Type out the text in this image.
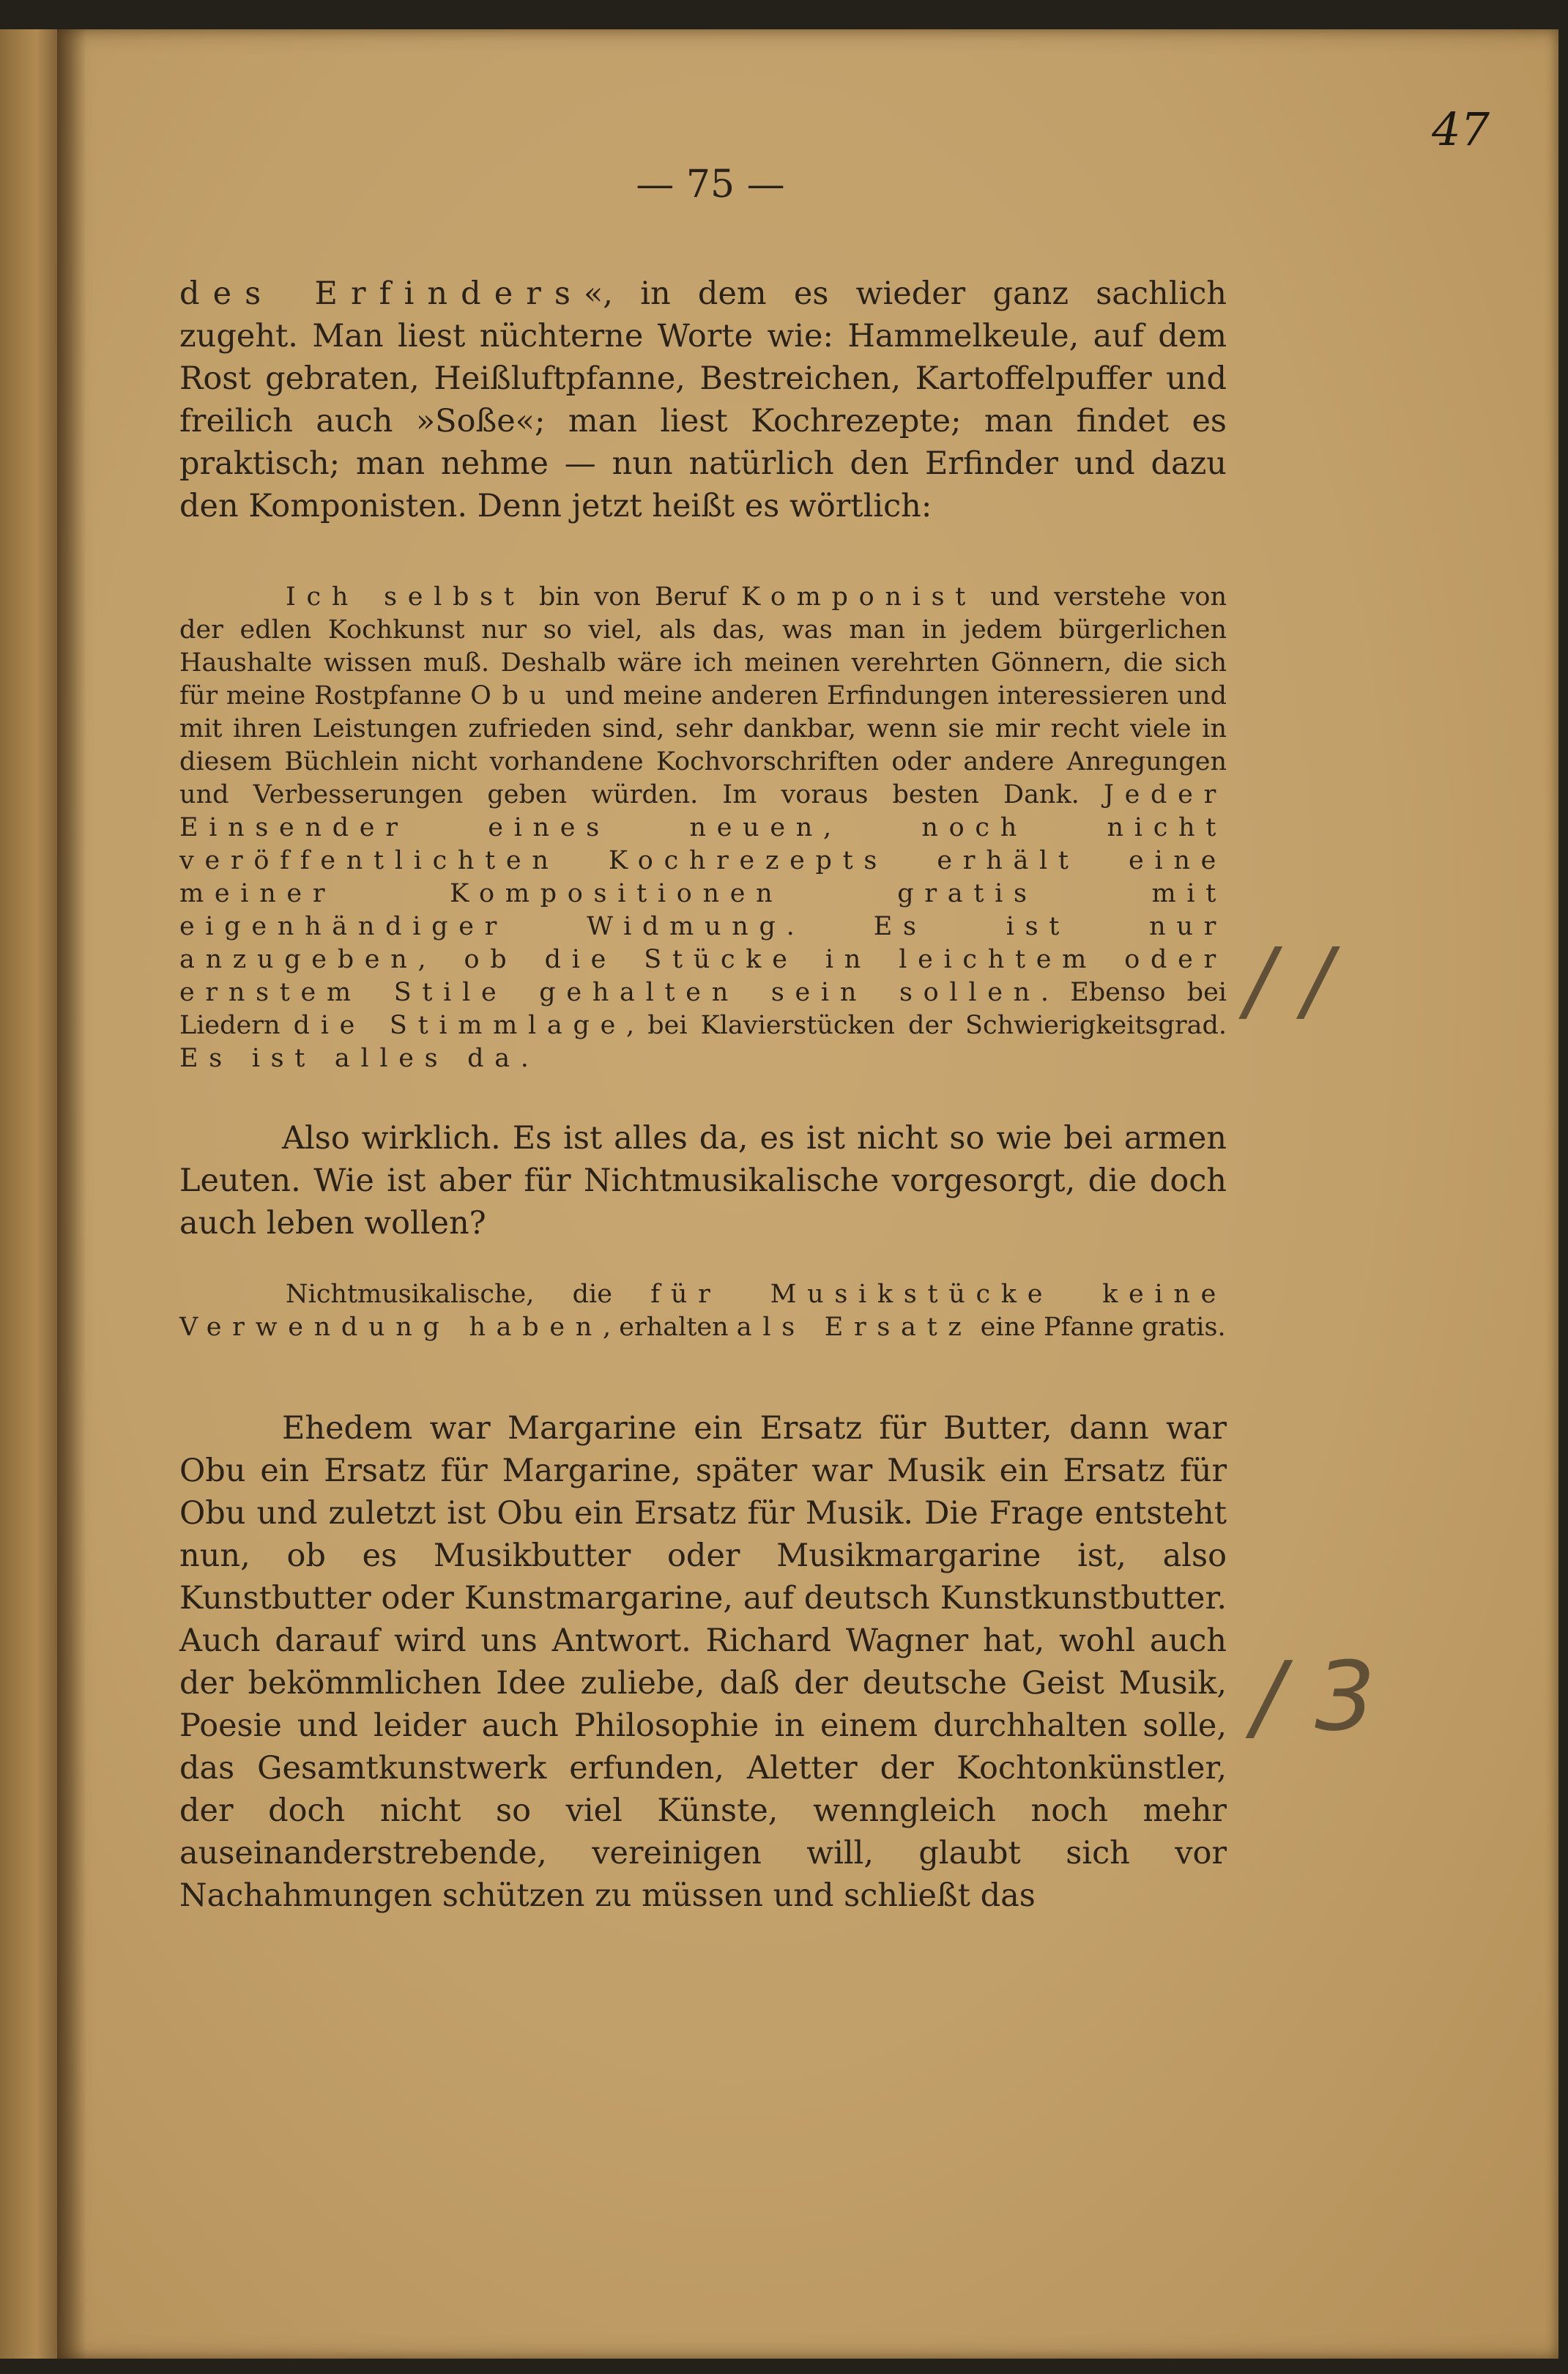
— 75 —
47

des Erfinders«, in dem es wieder ganz sachlich zugeht. Man liest nüchterne Worte wie: Hammelkeule, auf dem Rost gebraten, Heißluftpfanne, Bestreichen, Kartoffelpuffer und freilich auch »Soße«; man liest Kochrezepte; man findet es praktisch; man nehme — nun natürlich den Erfinder und dazu den Komponisten. Denn jetzt heißt es wörtlich:

Ich selbst bin von Beruf Komponist und verstehe von der edlen Kochkunst nur so viel, als das, was man in jedem bürgerlichen Haushalte wissen muß. Deshalb wäre ich meinen verehrten Gönnern, die sich für meine Rostpfanne Obu und meine anderen Erfindungen interessieren und mit ihren Leistungen zufrieden sind, sehr dankbar, wenn sie mir recht viele in diesem Büchlein nicht vorhandene Kochvorschriften oder andere Anregungen und Verbesserungen geben würden. Im voraus besten Dank. Jeder Einsender eines neuen, noch nicht veröffentlichten Kochrezepts erhält eine meiner Kompositionen gratis mit eigenhändiger Widmung.	Es ist nur anzugeben, ob die Stücke in leichtem oder ernstem Stile gehalten sein sollen. Ebenso bei Liedern die Stimmlage, bei Klavierstücken der Schwierigkeitsgrad. Es ist alles da.

Also wirklich. Es ist alles da, es ist nicht so wie bei armen Leuten. Wie ist aber für Nichtmusikalische vorgesorgt, die doch auch leben wollen?

Nichtmusikalische, die für Musikstücke keine Verwendung haben, erhalten als Ersatz eine Pfanne gratis.

Ehedem war Margarine ein Ersatz für Butter, dann war Obu ein Ersatz für Margarine, später war Musik ein Ersatz für Obu und zuletzt ist Obu ein Ersatz für Musik. Die Frage entsteht nun, ob es Musikbutter oder Musikmargarine ist, also Kunstbutter oder Kunstmargarine, auf deutsch Kunstkunstbutter. Auch darauf wird uns Antwort. Richard Wagner hat, wohl auch der bekömmlichen Idee zuliebe, daß der deutsche Geist Musik, Poesie und leider auch Philosophie in einem durchhalten solle, das Gesamtkunstwerk erfunden, Aletter der Kochtonkünstler, der doch nicht so viel Künste, wenngleich noch mehr auseinanderstrebende, vereinigen will, glaubt sich vor Nachahmungen schützen zu müssen und schließt das

/ /
/ 3
